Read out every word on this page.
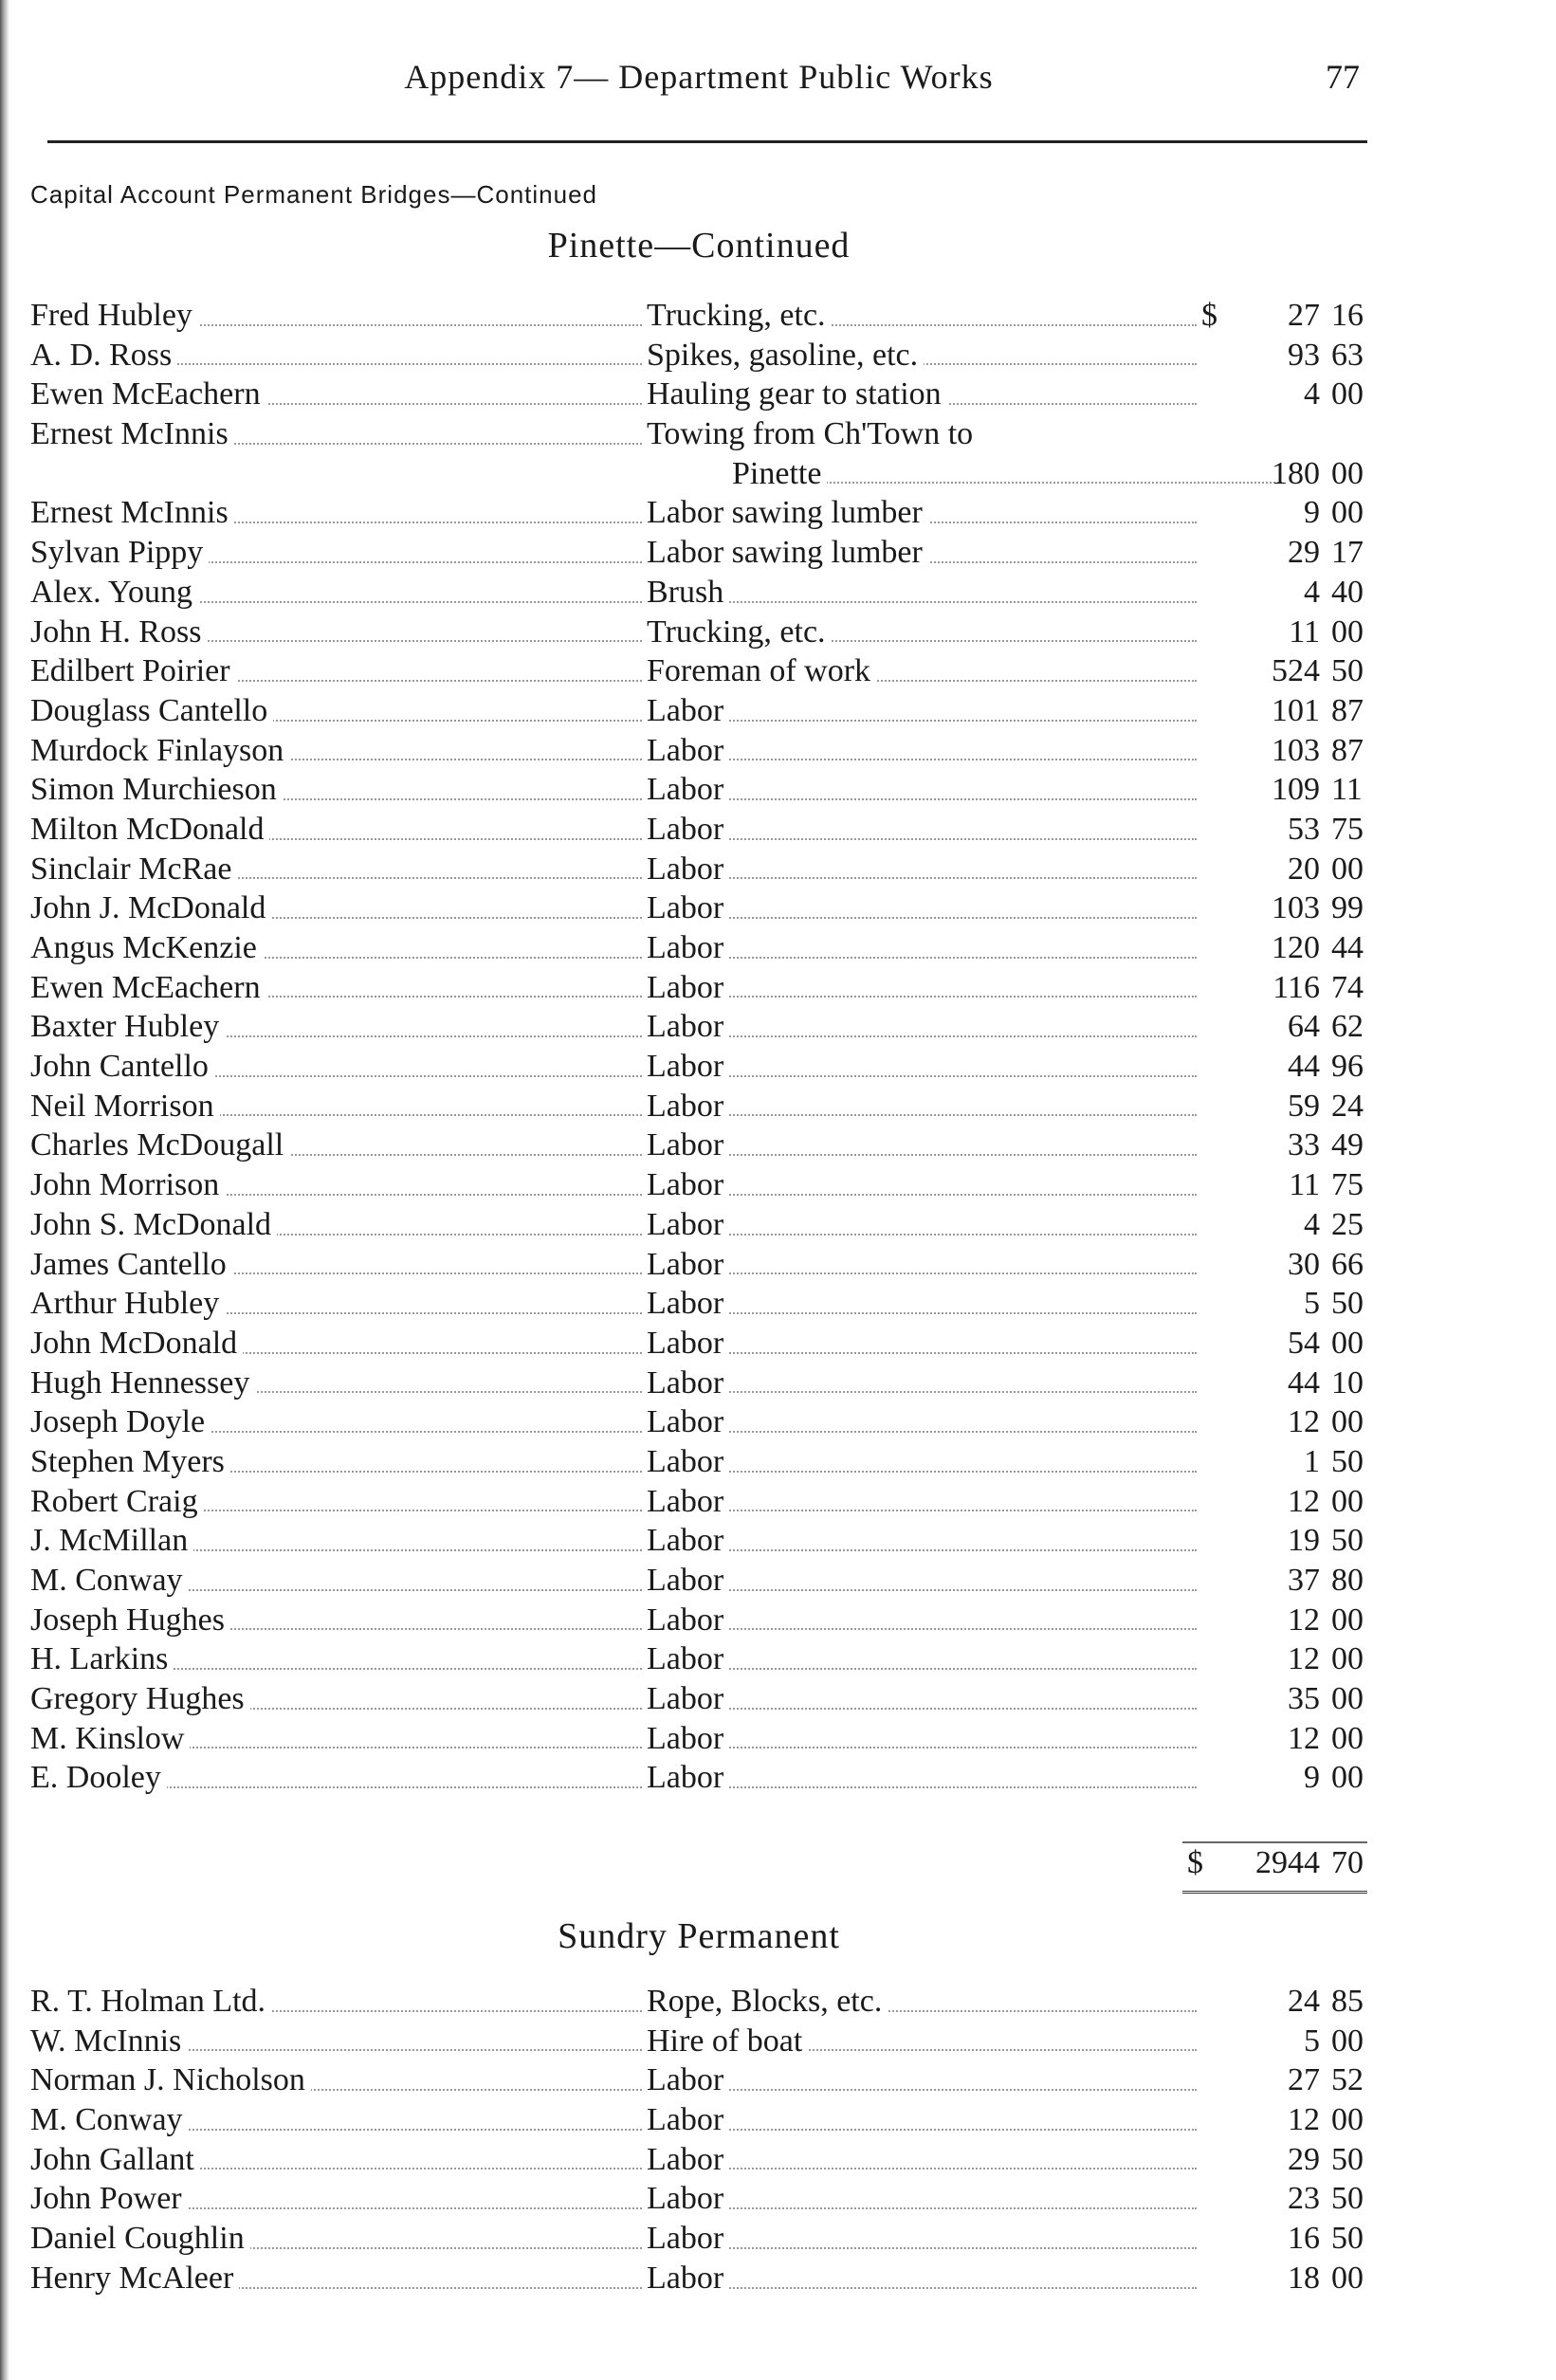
Appendix 7— Department Public Works	77
Capital Account Permanent Bridges—Continued
Pinette—Continued
Fred Hubley	Trucking, etc.	$	27 16
A. D. Ross	Spikes, gasoline, etc.	93 63
Ewen McEachern	Hauling gear to station	4 00
Ernest McInnis	Towing from Ch'Town to
Pinette	180 00
Ernest McInnis	Labor sawing lumber	9 00
Sylvan Pippy	Labor sawing lumber	29 17
Alex. Young	Brush	4 40
John H. Ross	Trucking, etc.	11 00
Edilbert Poirier	Foreman of work	524 50
Douglass Cantello	Labor	101 87
Murdock Finlayson	Labor	103 87
Simon Murchieson	Labor	109 11
Milton McDonald	Labor	53 75
Sinclair McRae	Labor	20 00
John J. McDonald	Labor	103 99
Angus McKenzie	Labor	120 44
Ewen McEachern	Labor	116 74
Baxter Hubley	Labor	64 62
John Cantello	Labor	44 96
Neil Morrison	Labor	59 24
Charles McDougall	Labor	33 49
John Morrison	Labor	11 75
John S. McDonald	Labor	4 25
James Cantello	Labor	30 66
Arthur Hubley	Labor	5 50
John McDonald	Labor	54 00
Hugh Hennessey	Labor	44 10
Joseph Doyle	Labor	12 00
Stephen Myers	Labor	1 50
Robert Craig	Labor	12 00
J. McMillan	Labor	19 50
M. Conway	Labor	37 80
Joseph Hughes	Labor	12 00
H. Larkins	Labor	12 00
Gregory Hughes	Labor	35 00
M. Kinslow	Labor	12 00
E. Dooley	Labor	9 00
$	2944 70
Sundry Permanent
R. T. Holman Ltd.	Rope, Blocks, etc.	24 85
W. McInnis	Hire of boat	5 00
Norman J. Nicholson	Labor	27 52
M. Conway	Labor	12 00
John Gallant	Labor	29 50
John Power	Labor	23 50
Daniel Coughlin	Labor	16 50
Henry McAleer	Labor	18 00
